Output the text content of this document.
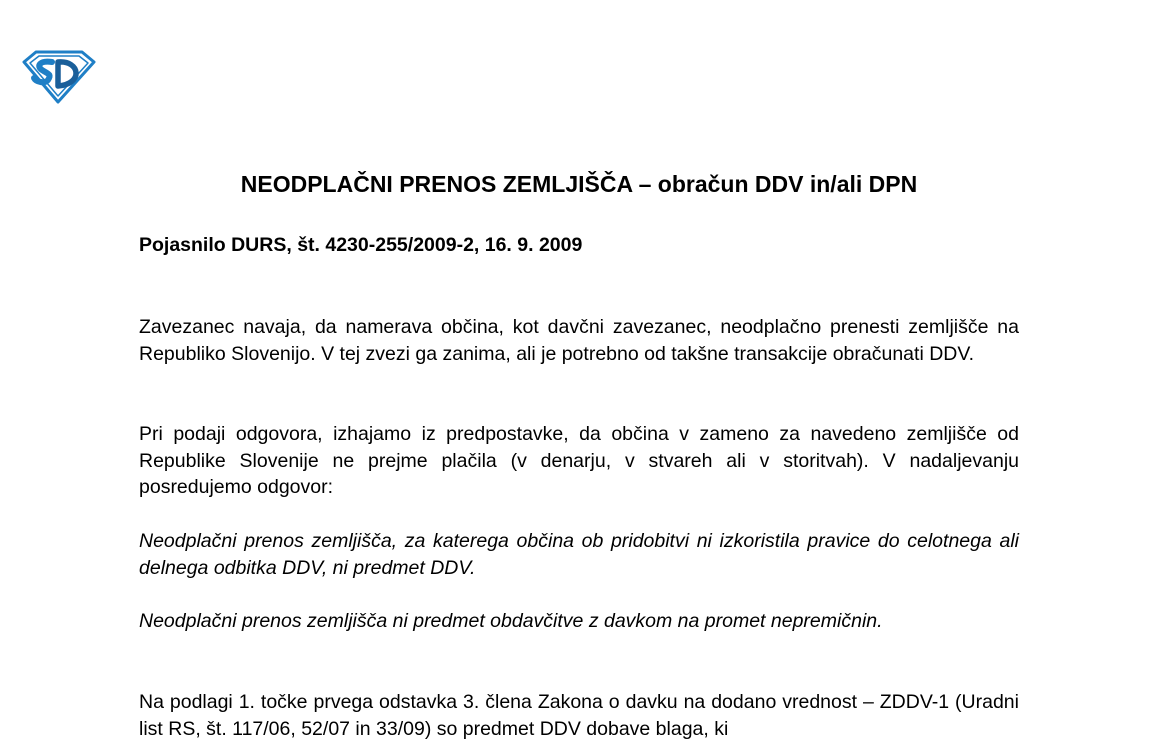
NEODPLAČNI PRENOS ZEMLJIŠČA – obračun DDV in/ali DPN

Pojasnilo DURS, št. 4230-255/2009-2, 16. 9. 2009

Zavezanec navaja, da namerava občina, kot davčni zavezanec, neodplačno prenesti zemljišče na Republiko Slovenijo. V tej zvezi ga zanima, ali je potrebno od takšne transakcije obračunati DDV.

Pri podaji odgovora, izhajamo iz predpostavke, da občina v zameno za navedeno zemljišče od Republike Slovenije ne prejme plačila (v denarju, v stvareh ali v storitvah). V nadaljevanju posredujemo odgovor:

Neodplačni prenos zemljišča, za katerega občina ob pridobitvi ni izkoristila pravice do celotnega ali delnega odbitka DDV, ni predmet DDV.

Neodplačni prenos zemljišča ni predmet obdavčitve z davkom na promet nepremičnin.

Na podlagi 1. točke prvega odstavka 3. člena Zakona o davku na dodano vrednost – ZDDV-1 (Uradni list RS, št. 117/06, 52/07 in 33/09) so predmet DDV dobave blaga, ki
